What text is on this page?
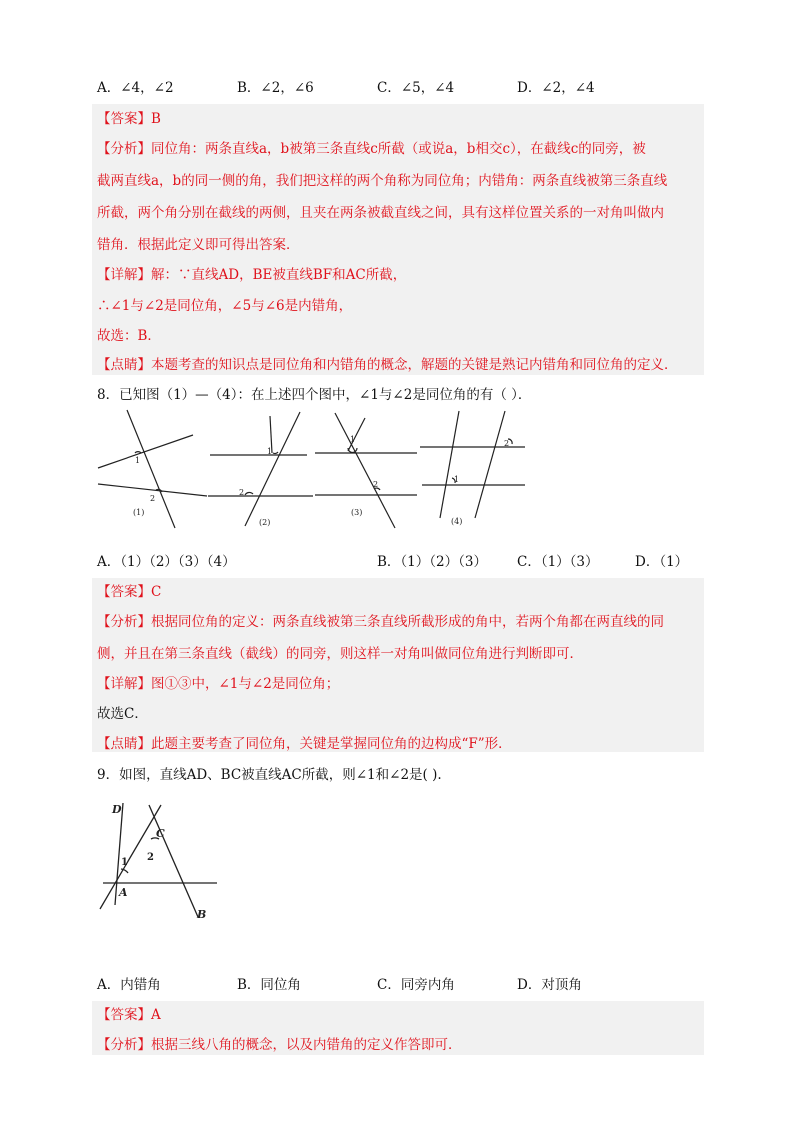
A．∠4，∠2	B．∠2，∠6	C．∠5，∠4	D．∠2，∠4
【答案】B
【分析】同位角：两条直线a，b被第三条直线c所截（或说a，b相交c），在截线c的同旁，被
截两直线a，b的同一侧的角，我们把这样的两个角称为同位角；内错角：两条直线被第三条直线
所截，两个角分别在截线的两侧，且夹在两条被截直线之间，具有这样位置关系的一对角叫做内
错角．根据此定义即可得出答案．
【详解】解：∵直线AD，BE被直线BF和AC所截，
∴∠1与∠2是同位角，∠5与∠6是内错角，
故选：B．
【点睛】本题考查的知识点是同位角和内错角的概念，解题的关键是熟记内错角和同位角的定义．
8．已知图（1）—（4）：在上述四个图中，∠1与∠2是同位角的有（ ）．
1
2
(1)
1
2
(2)
1
2
(3)
1
2
(4)
A．（1）（2）（3）（4）	B．（1）（2）（3） C．（1）（3）	D．（1）
【答案】C
【分析】根据同位角的定义：两条直线被第三条直线所截形成的角中，若两个角都在两直线的同
侧，并且在第三条直线（截线）的同旁，则这样一对角叫做同位角进行判断即可．
【详解】图①③中，∠1与∠2是同位角；
故选C．
【点睛】此题主要考查了同位角，关键是掌握同位角的边构成“F”形．
9．如图，直线AD、BC被直线AC所截，则∠1和∠2是( ).
D
C
A
B
1 2
A．内错角	B．同位角	C．同旁内角	D．对顶角
【答案】A
【分析】根据三线八角的概念，以及内错角的定义作答即可．
